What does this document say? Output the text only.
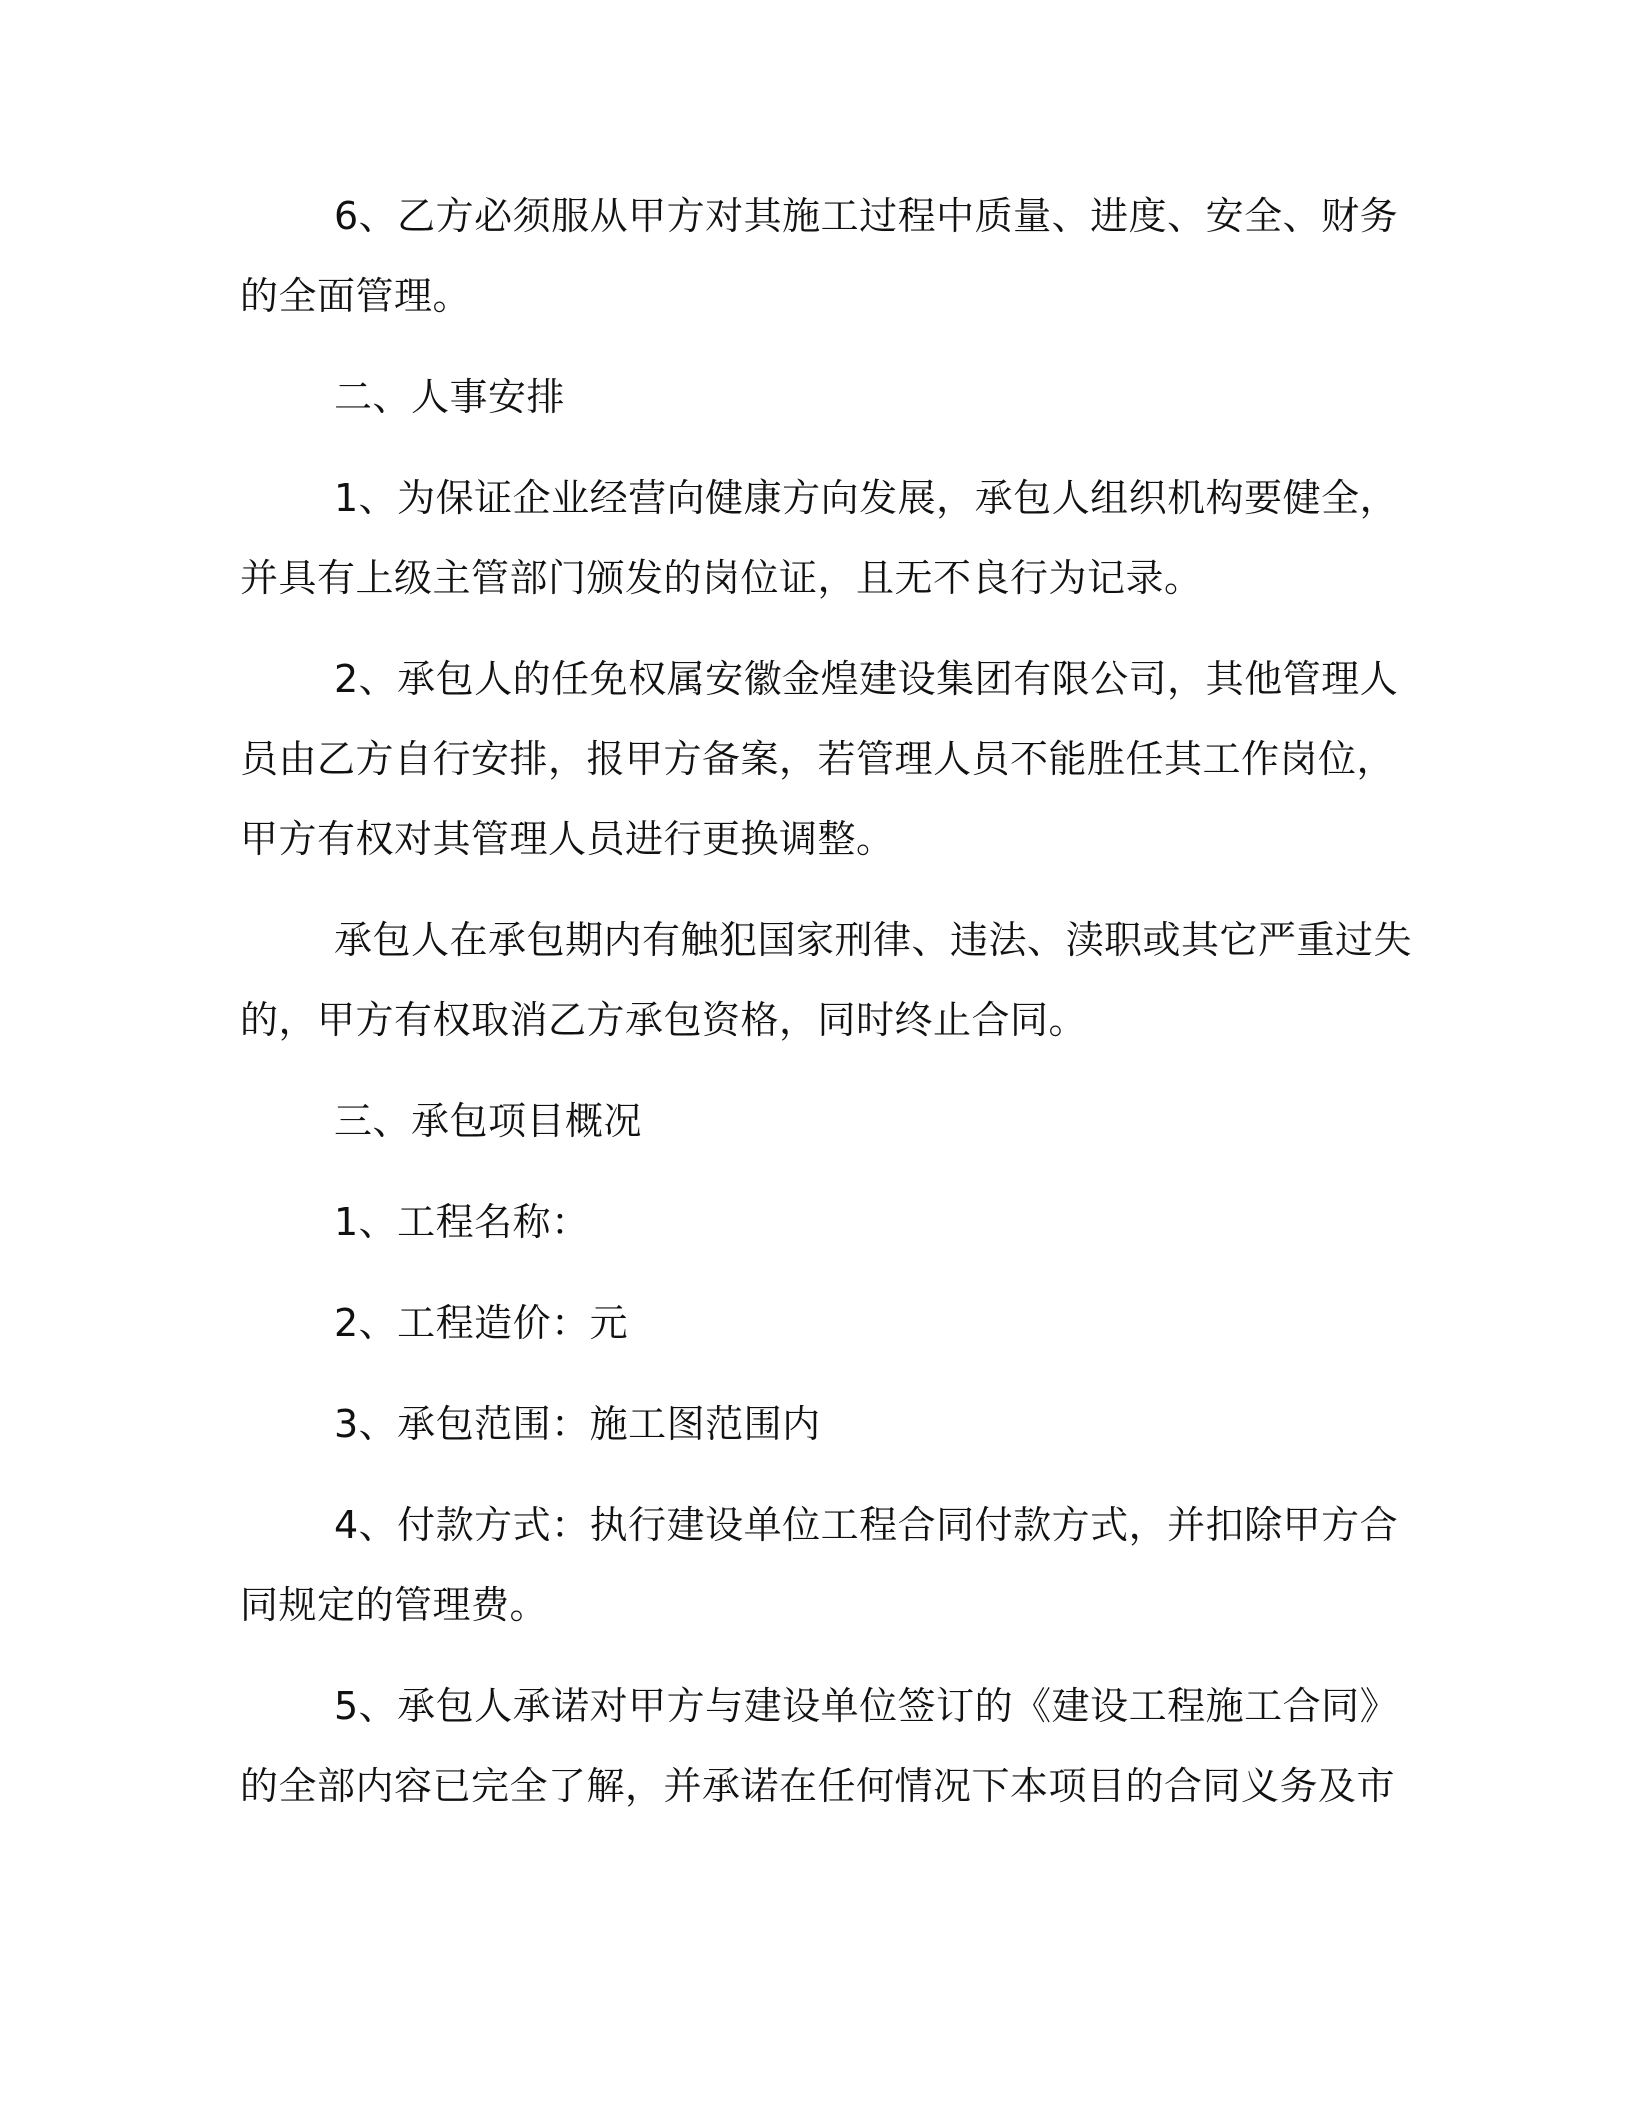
6、乙方必须服从甲方对其施工过程中质量、进度、安全、财务
的全面管理。
二、人事安排
1、为保证企业经营向健康方向发展，承包人组织机构要健全，
并具有上级主管部门颁发的岗位证，且无不良行为记录。
2、承包人的任免权属安徽金煌建设集团有限公司，其他管理人
员由乙方自行安排，报甲方备案，若管理人员不能胜任其工作岗位，
甲方有权对其管理人员进行更换调整。
承包人在承包期内有触犯国家刑律、违法、渎职或其它严重过失
的，甲方有权取消乙方承包资格，同时终止合同。
三、承包项目概况
1、工程名称：
2、工程造价：元
3、承包范围：施工图范围内
4、付款方式：执行建设单位工程合同付款方式，并扣除甲方合
同规定的管理费。
5、承包人承诺对甲方与建设单位签订的《建设工程施工合同》
的全部内容已完全了解，并承诺在任何情况下本项目的合同义务及市
